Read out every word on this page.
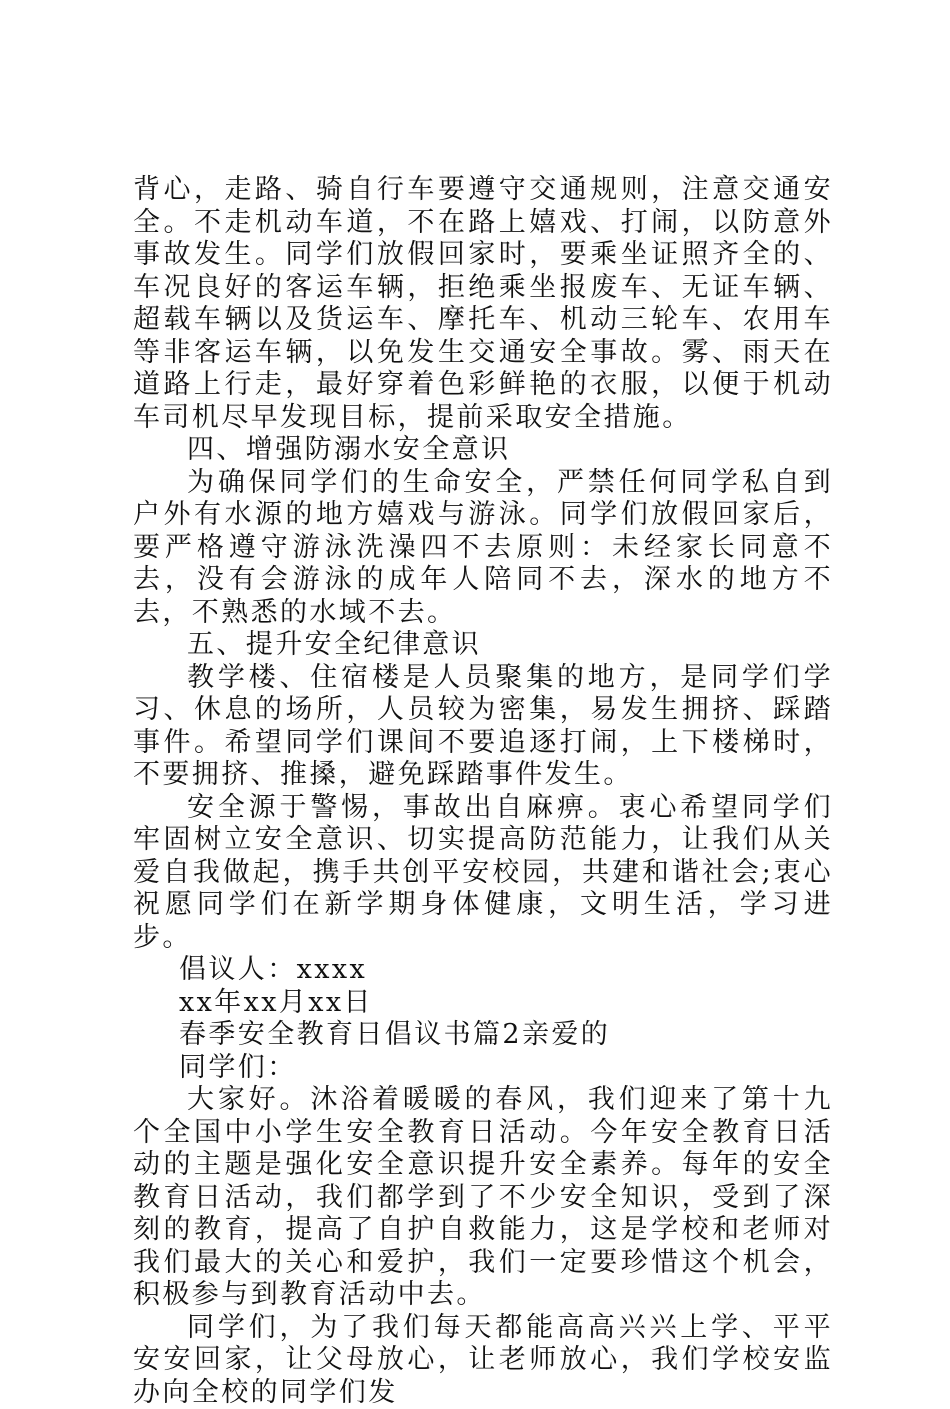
背心，走路、骑自行车要遵守交通规则，注意交通安全。不走机动车道，不在路上嬉戏、打闹，以防意外事故发生。同学们放假回家时，要乘坐证照齐全的、车况良好的客运车辆，拒绝乘坐报废车、无证车辆、超载车辆以及货运车、摩托车、机动三轮车、农用车等非客运车辆，以免发生交通安全事故。雾、雨天在道路上行走，最好穿着色彩鲜艳的衣服，以便于机动车司机尽早发现目标，提前采取安全措施。

四、增强防溺水安全意识

为确保同学们的生命安全，严禁任何同学私自到户外有水源的地方嬉戏与游泳。同学们放假回家后，要严格遵守游泳洗澡四不去原则：未经家长同意不去，没有会游泳的成年人陪同不去，深水的地方不去，不熟悉的水域不去。

五、提升安全纪律意识

教学楼、住宿楼是人员聚集的地方，是同学们学习、休息的场所，人员较为密集，易发生拥挤、踩踏事件。希望同学们课间不要追逐打闹，上下楼梯时，不要拥挤、推搡，避免踩踏事件发生。

安全源于警惕，事故出自麻痹。衷心希望同学们牢固树立安全意识、切实提高防范能力，让我们从关爱自我做起，携手共创平安校园，共建和谐社会;衷心祝愿同学们在新学期身体健康，文明生活，学习进步。

倡议人：xxxx

xx年xx月xx日

春季安全教育日倡议书篇2亲爱的

同学们：

大家好。沐浴着暖暖的春风，我们迎来了第十九个全国中小学生安全教育日活动。今年安全教育日活动的主题是强化安全意识提升安全素养。每年的安全教育日活动，我们都学到了不少安全知识，受到了深刻的教育，提高了自护自救能力，这是学校和老师对我们最大的关心和爱护，我们一定要珍惜这个机会，积极参与到教育活动中去。

同学们，为了我们每天都能高高兴兴上学、平平安安回家，让父母放心，让老师放心，我们学校安监办向全校的同学们发
